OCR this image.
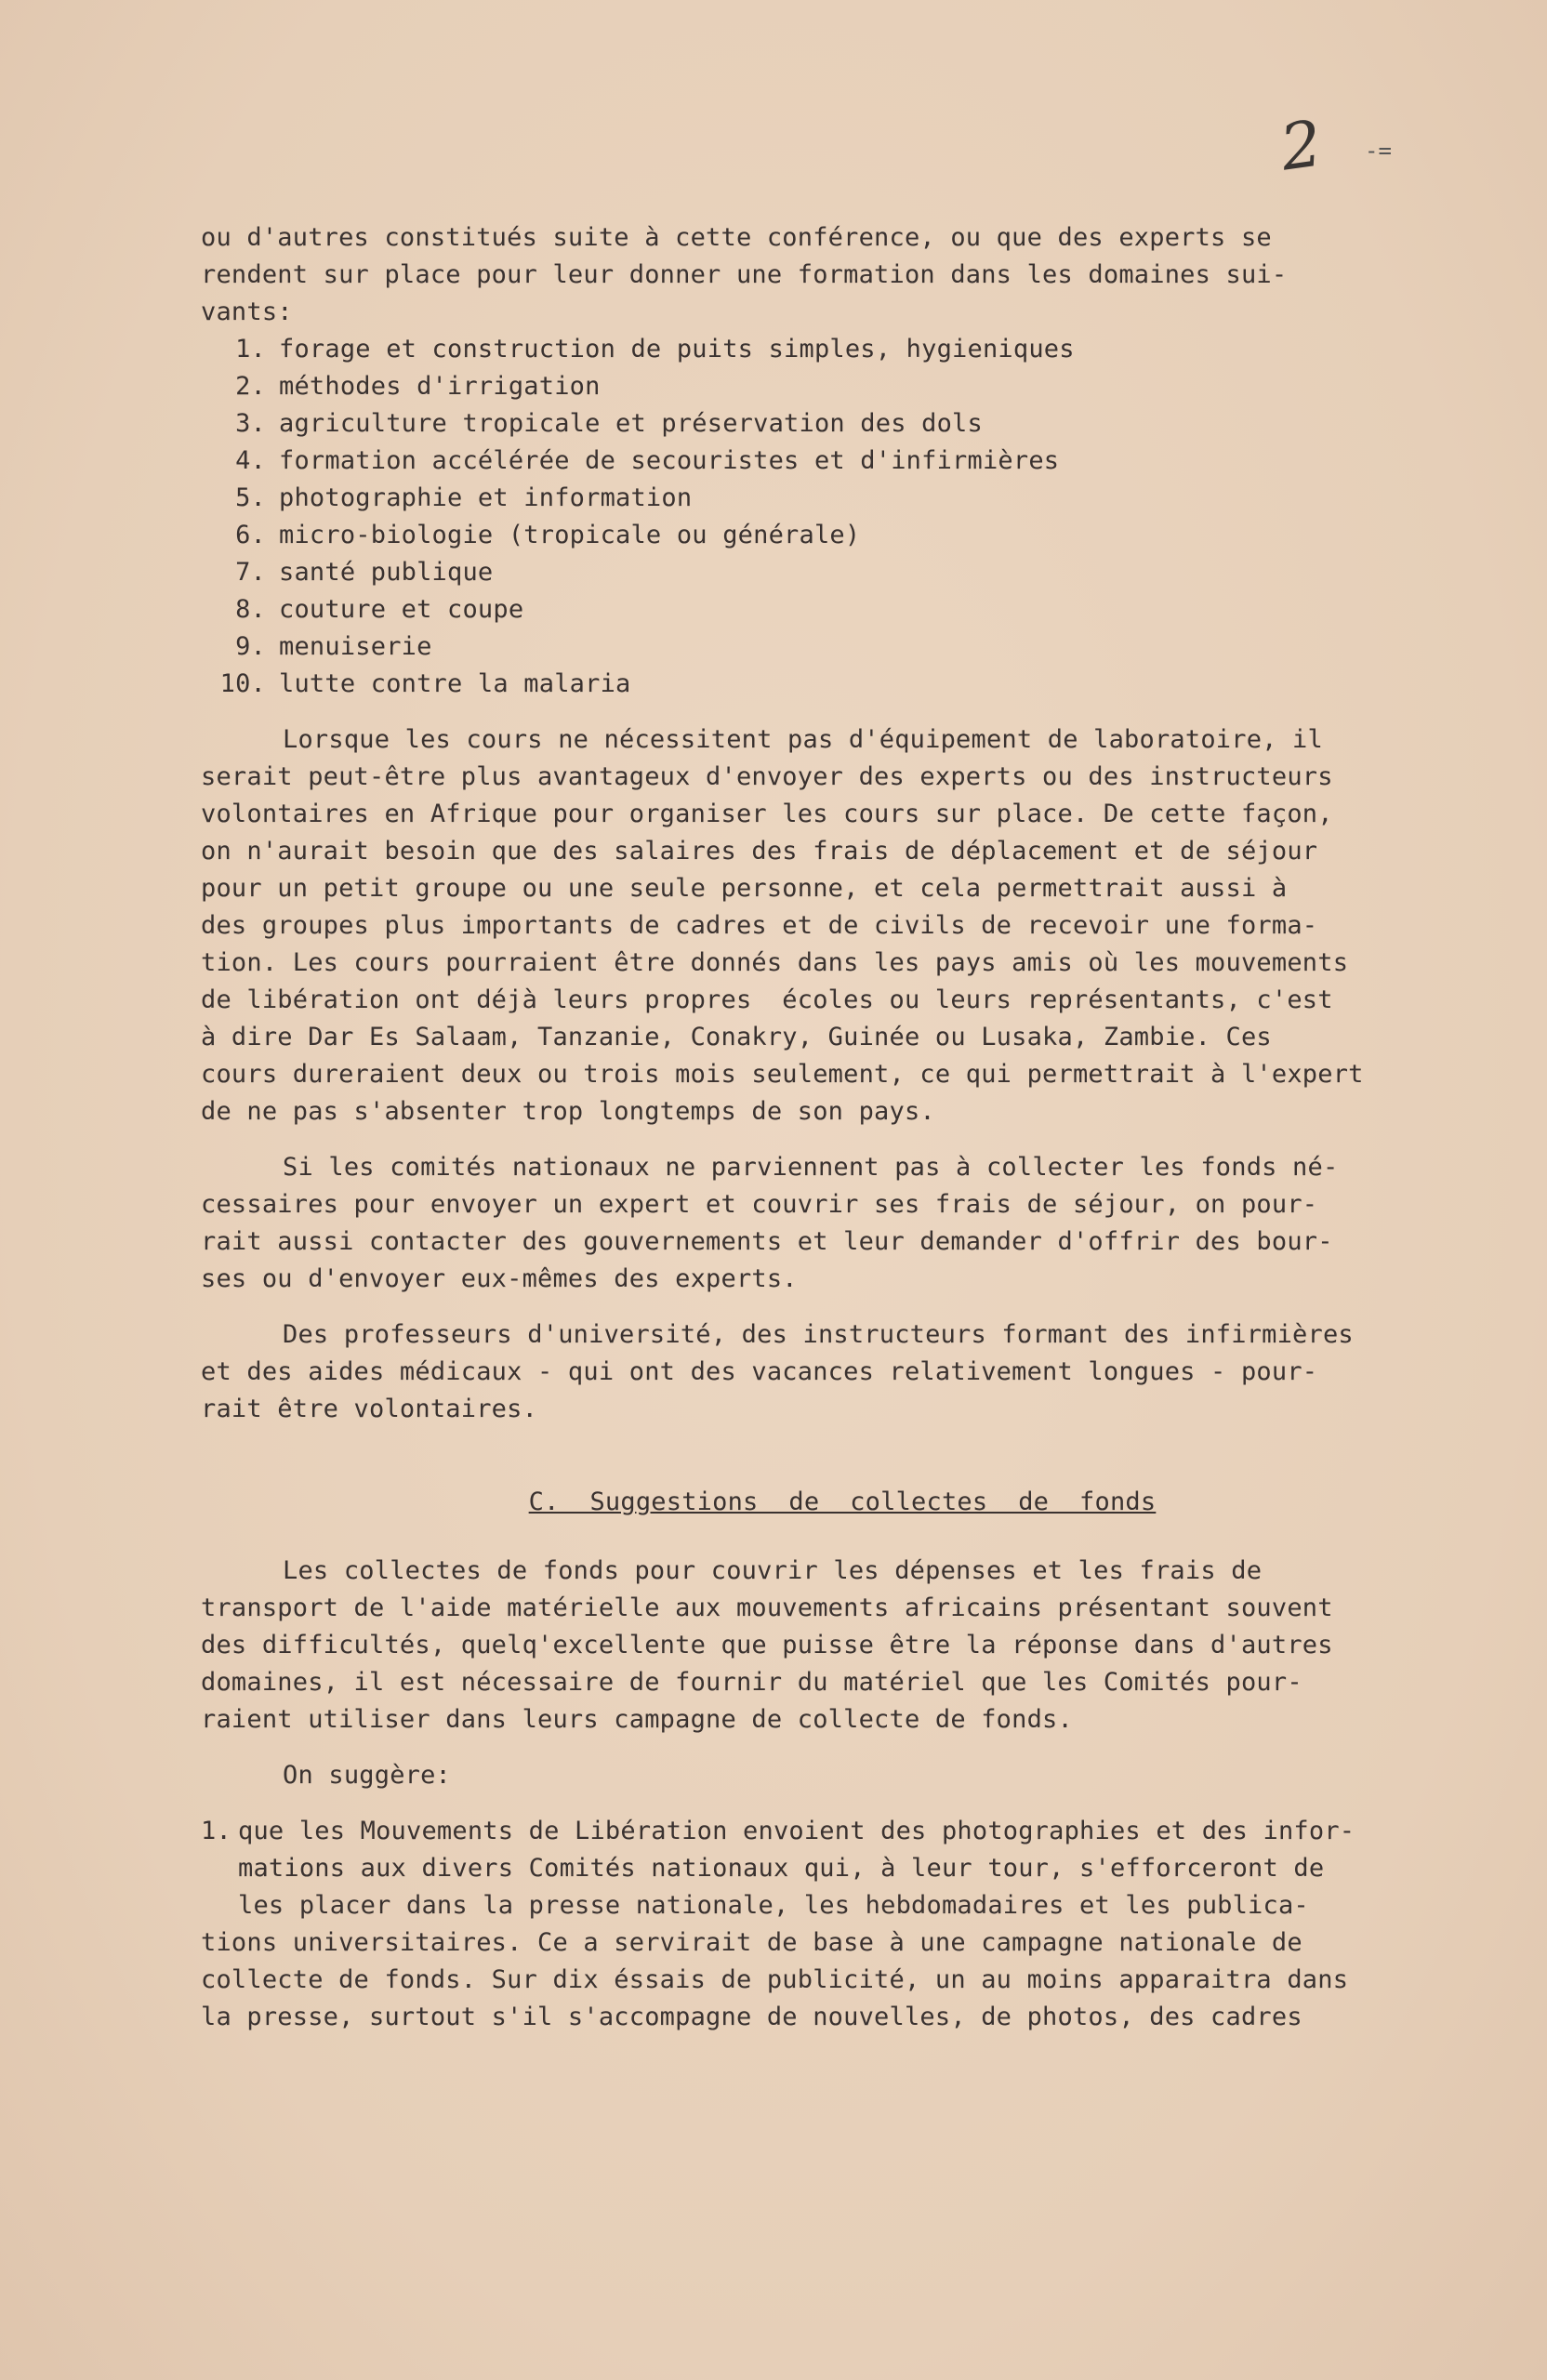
2 -=
ou d'autres constitués suite à cette conférence, ou que des experts se
rendent sur place pour leur donner une formation dans les domaines sui-
vants:
1. forage et construction de puits simples, hygieniques
2. méthodes d'irrigation
3. agriculture tropicale et préservation des dols
4. formation accélérée de secouristes et d'infirmières
5. photographie et information
6. micro-biologie (tropicale ou générale)
7. santé publique
8. couture et coupe
9. menuiserie
10. lutte contre la malaria
Lorsque les cours ne nécessitent pas d'équipement de laboratoire, il
serait peut-être plus avantageux d'envoyer des experts ou des instructeurs
volontaires en Afrique pour organiser les cours sur place. De cette façon,
on n'aurait besoin que des salaires des frais de déplacement et de séjour
pour un petit groupe ou une seule personne, et cela permettrait aussi à
des groupes plus importants de cadres et de civils de recevoir une forma-
tion. Les cours pourraient être donnés dans les pays amis où les mouvements
de libération ont déjà leurs propres  écoles ou leurs représentants, c'est
à dire Dar Es Salaam, Tanzanie, Conakry, Guinée ou Lusaka, Zambie. Ces
cours dureraient deux ou trois mois seulement, ce qui permettrait à l'expert
de ne pas s'absenter trop longtemps de son pays.
Si les comités nationaux ne parviennent pas à collecter les fonds né-
cessaires pour envoyer un expert et couvrir ses frais de séjour, on pour-
rait aussi contacter des gouvernements et leur demander d'offrir des bour-
ses ou d'envoyer eux-mêmes des experts.
Des professeurs d'université, des instructeurs formant des infirmières
et des aides médicaux - qui ont des vacances relativement longues - pour-
rait être volontaires.
C.  Suggestions  de  collectes  de  fonds
Les collectes de fonds pour couvrir les dépenses et les frais de
transport de l'aide matérielle aux mouvements africains présentant souvent
des difficultés, quelq'excellente que puisse être la réponse dans d'autres
domaines, il est nécessaire de fournir du matériel que les Comités pour-
raient utiliser dans leurs campagne de collecte de fonds.
On suggère:
1. que les Mouvements de Libération envoient des photographies et des infor-
mations aux divers Comités nationaux qui, à leur tour, s'efforceront de
les placer dans la presse nationale, les hebdomadaires et les publica-
tions universitaires. Ce a servirait de base à une campagne nationale de
collecte de fonds. Sur dix éssais de publicité, un au moins apparaitra dans
la presse, surtout s'il s'accompagne de nouvelles, de photos, des cadres
